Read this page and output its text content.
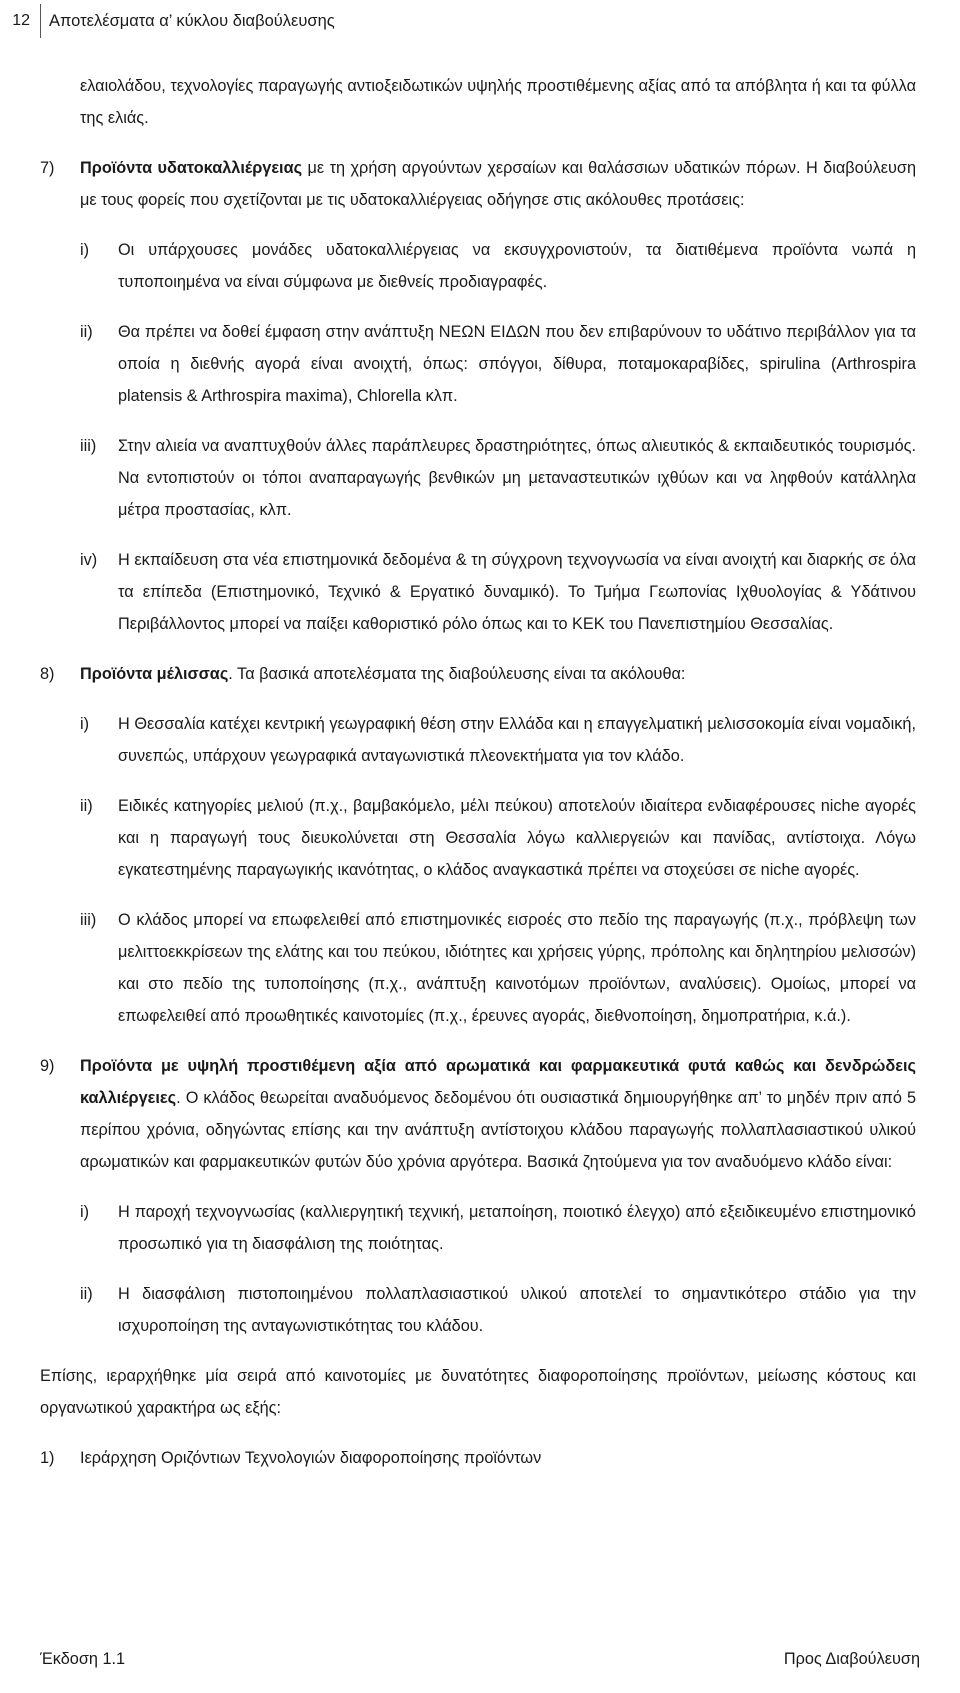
12	Αποτελέσματα α’ κύκλου διαβούλευσης

ελαιολάδου, τεχνολογίες παραγωγής αντιοξειδωτικών υψηλής προστιθέμενης αξίας από τα απόβλητα ή και τα φύλλα της ελιάς.

7)	Προϊόντα υδατοκαλλιέργειας με τη χρήση αργούντων χερσαίων και θαλάσσιων υδατικών πόρων. Η διαβούλευση με τους φορείς που σχετίζονται με τις υδατοκαλλιέργειας οδήγησε στις ακόλουθες προτάσεις:

i)	Οι υπάρχουσες μονάδες υδατοκαλλιέργειας να εκσυγχρονιστούν, τα διατιθέμενα προϊόντα νωπά η τυποποιημένα να είναι σύμφωνα με διεθνείς προδιαγραφές.

ii)	Θα πρέπει να δοθεί έμφαση στην ανάπτυξη ΝΕΩΝ ΕΙΔΩΝ που δεν επιβαρύνουν το υδάτινο περιβάλλον για τα οποία η διεθνής αγορά είναι ανοιχτή, όπως: σπόγγοι, δίθυρα, ποταμοκαραβίδες, spirulina (Arthrospira platensis & Arthrospira maxima), Chlorella κλπ.

iii)	Στην αλιεία να αναπτυχθούν άλλες παράπλευρες δραστηριότητες, όπως αλιευτικός & εκπαιδευτικός τουρισμός. Να εντοπιστούν οι τόποι αναπαραγωγής βενθικών μη μεταναστευτικών ιχθύων και να ληφθούν κατάλληλα μέτρα προστασίας, κλπ.

iv)	Η εκπαίδευση στα νέα επιστημονικά δεδομένα & τη σύγχρονη τεχνογνωσία να είναι ανοιχτή και διαρκής σε όλα τα επίπεδα (Επιστημονικό, Τεχνικό & Εργατικό δυναμικό). Το Τμήμα Γεωπονίας Ιχθυολογίας & Υδάτινου Περιβάλλοντος μπορεί να παίξει καθοριστικό ρόλο όπως και το ΚΕΚ του Πανεπιστημίου Θεσσαλίας.

8)	Προϊόντα μέλισσας. Τα βασικά αποτελέσματα της διαβούλευσης είναι τα ακόλουθα:

i)	Η Θεσσαλία κατέχει κεντρική γεωγραφική θέση στην Ελλάδα και η επαγγελματική μελισσοκομία είναι νομαδική, συνεπώς, υπάρχουν γεωγραφικά ανταγωνιστικά πλεονεκτήματα για τον κλάδο.

ii)	Ειδικές κατηγορίες μελιού (π.χ., βαμβακόμελο, μέλι πεύκου) αποτελούν ιδιαίτερα ενδιαφέρουσες niche αγορές και η παραγωγή τους διευκολύνεται στη Θεσσαλία λόγω καλλιεργειών και πανίδας, αντίστοιχα. Λόγω εγκατεστημένης παραγωγικής ικανότητας, ο κλάδος αναγκαστικά πρέπει να στοχεύσει σε niche αγορές.

iii)	Ο κλάδος μπορεί να επωφελειθεί από επιστημονικές εισροές στο πεδίο της παραγωγής (π.χ., πρόβλεψη των μελιττοεκκρίσεων της ελάτης και του πεύκου, ιδιότητες και χρήσεις γύρης, πρόπολης και δηλητηρίου μελισσών) και στο πεδίο της τυποποίησης (π.χ., ανάπτυξη καινοτόμων προϊόντων, αναλύσεις). Ομοίως, μπορεί να επωφελειθεί από προωθητικές καινοτομίες (π.χ., έρευνες αγοράς, διεθνοποίηση, δημοπρατήρια, κ.ά.).

9)	Προϊόντα με υψηλή προστιθέμενη αξία από αρωματικά και φαρμακευτικά φυτά καθώς και δενδρώδεις καλλιέργειες. Ο κλάδος θεωρείται αναδυόμενος δεδομένου ότι ουσιαστικά δημιουργήθηκε απ’ το μηδέν πριν από 5 περίπου χρόνια, οδηγώντας επίσης και την ανάπτυξη αντίστοιχου κλάδου παραγωγής πολλαπλασιαστικού υλικού αρωματικών και φαρμακευτικών φυτών δύο χρόνια αργότερα. Βασικά ζητούμενα για τον αναδυόμενο κλάδο είναι:

i)	Η παροχή τεχνογνωσίας (καλλιεργητική τεχνική, μεταποίηση, ποιοτικό έλεγχο) από εξειδικευμένο επιστημονικό προσωπικό για τη διασφάλιση της ποιότητας.

ii)	Η διασφάλιση πιστοποιημένου πολλαπλασιαστικού υλικού αποτελεί το σημαντικότερο στάδιο για την ισχυροποίηση της ανταγωνιστικότητας του κλάδου.

Επίσης, ιεραρχήθηκε μία σειρά από καινοτομίες με δυνατότητες διαφοροποίησης προϊόντων, μείωσης κόστους και οργανωτικού χαρακτήρα ως εξής:

1)	Ιεράρχηση Οριζόντιων Τεχνολογιών διαφοροποίησης προϊόντων
Έκδοση 1.1	Προς Διαβούλευση
